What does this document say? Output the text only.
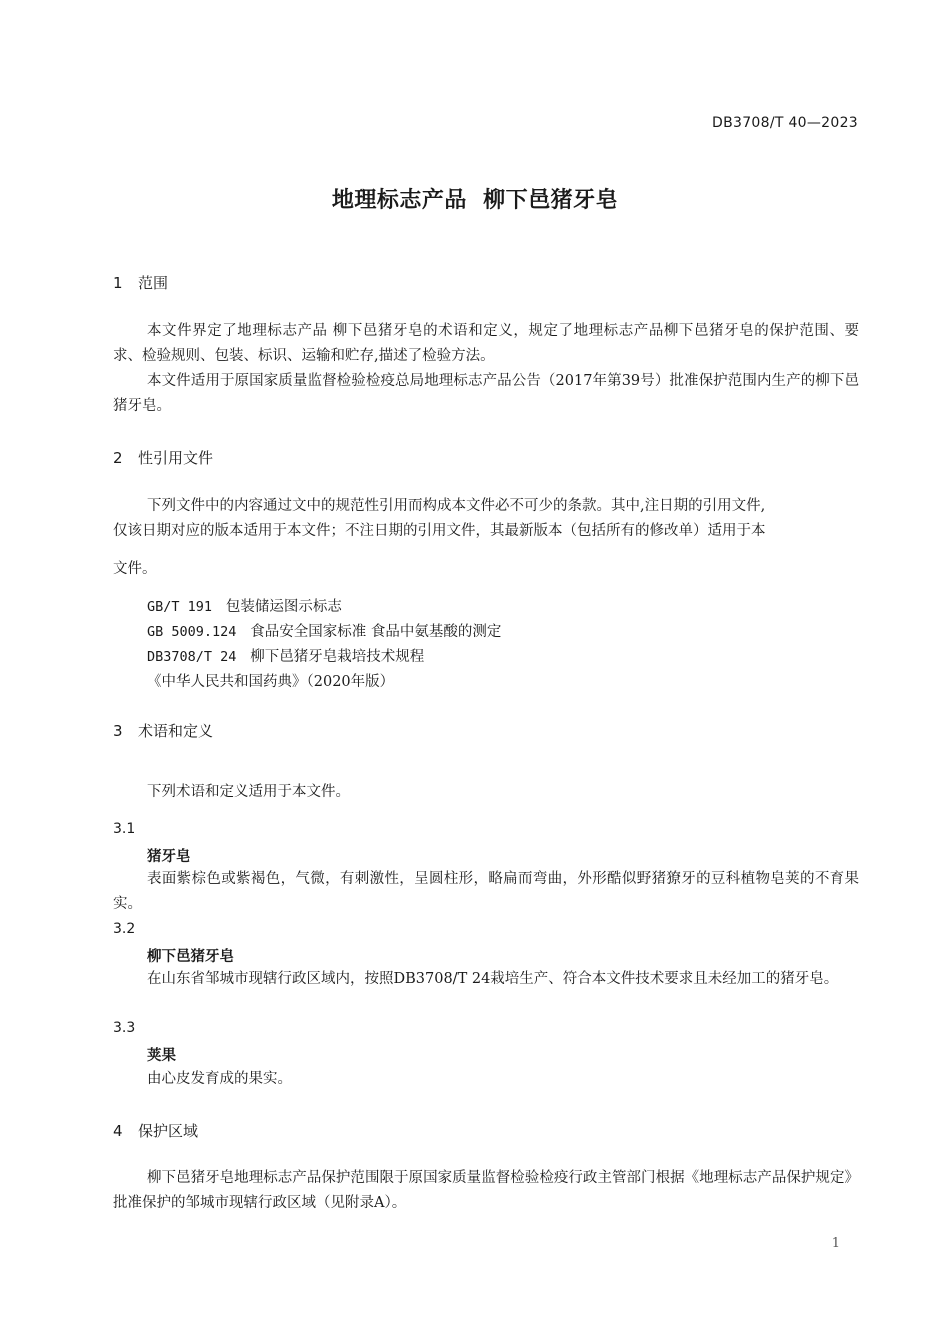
DB3708/T 40—2023
地理标志产品  柳下邑猪牙皂
1 范围
本文件界定了地理标志产品 柳下邑猪牙皂的术语和定义，规定了地理标志产品柳下邑猪牙皂的保护范围、要求、检验规则、包装、标识、运输和贮存,描述了检验方法。
本文件适用于原国家质量监督检验检疫总局地理标志产品公告（2017年第39号）批准保护范围内生产的柳下邑猪牙皂。
2 性引用文件
下列文件中的内容通过文中的规范性引用而构成本文件必不可少的条款。其中,注日期的引用文件,
仅该日期对应的版本适用于本文件；不注日期的引用文件，其最新版本（包括所有的修改单）适用于本
文件。
GB/T 191 包装储运图示标志
GB 5009.124 食品安全国家标准 食品中氨基酸的测定
DB3708/T 24 柳下邑猪牙皂栽培技术规程
《中华人民共和国药典》（2020年版）
3 术语和定义
下列术语和定义适用于本文件。
3.1
猪牙皂
表面紫棕色或紫褐色，气微，有刺激性，呈圆柱形，略扁而弯曲，外形酷似野猪獠牙的豆科植物皂荚的不育果实。
3.2
柳下邑猪牙皂
在山东省邹城市现辖行政区域内，按照DB3708/T 24栽培生产、符合本文件技术要求且未经加工的猪牙皂。
3.3
荚果
由心皮发育成的果实。
4 保护区域
柳下邑猪牙皂地理标志产品保护范围限于原国家质量监督检验检疫行政主管部门根据《地理标志产品保护规定》批准保护的邹城市现辖行政区域（见附录A）。
1
